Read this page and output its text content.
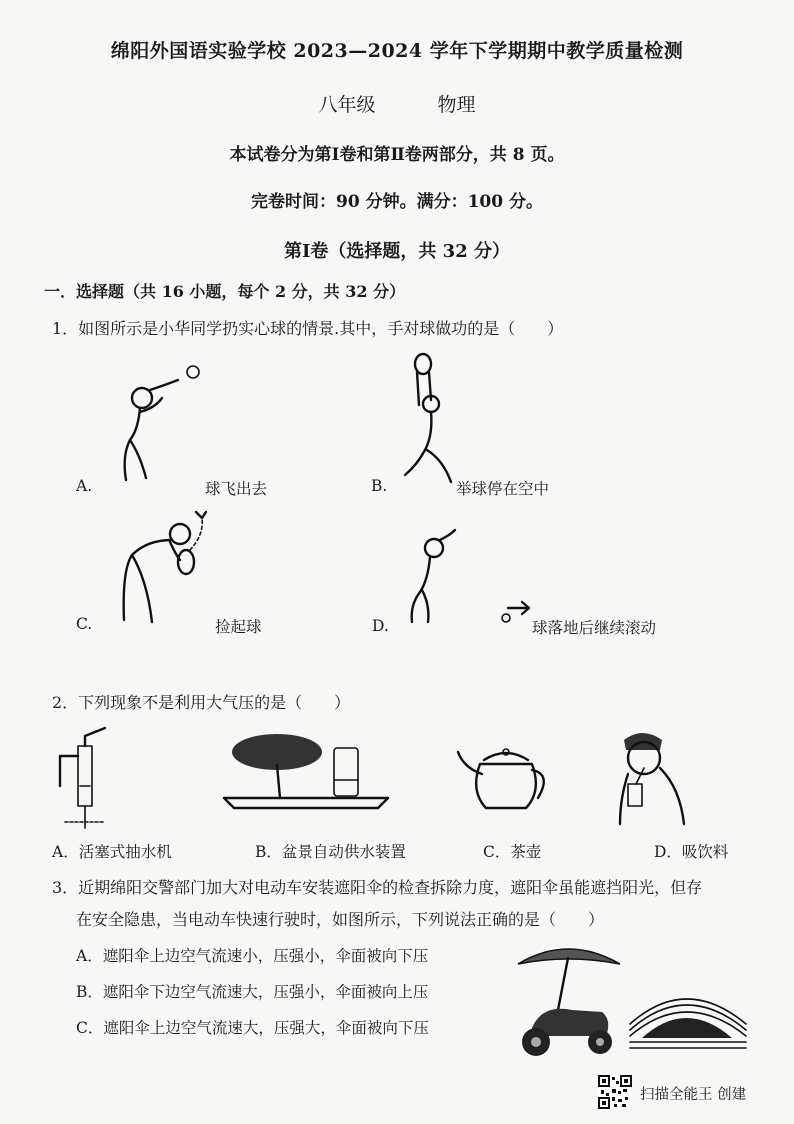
绵阳外国语实验学校 2023—2024 学年下学期期中教学质量检测
八年级	物理
本试卷分为第Ⅰ卷和第Ⅱ卷两部分，共 8 页。
完卷时间：90 分钟。满分：100 分。
第Ⅰ卷（选择题，共 32 分）
一．选择题（共 16 小题，每个 2 分，共 32 分）
1．如图所示是小华同学扔实心球的情景.其中，手对球做功的是（　　）
A.	球飞出去	B.	举球停在空中
C.	捡起球	D.	球落地后继续滚动
2．下列现象不是利用大气压的是（　　）
A．活塞式抽水机	B．盆景自动供水装置	C．茶壶	D．吸饮料
3．近期绵阳交警部门加大对电动车安装遮阳伞的检查拆除力度，遮阳伞虽能遮挡阳光，但存
在安全隐患，当电动车快速行驶时，如图所示，下列说法正确的是（　　）
A．遮阳伞上边空气流速小，压强小，伞面被向下压
B．遮阳伞下边空气流速大，压强小，伞面被向上压
C．遮阳伞上边空气流速大，压强大，伞面被向下压
扫描全能王 创建
